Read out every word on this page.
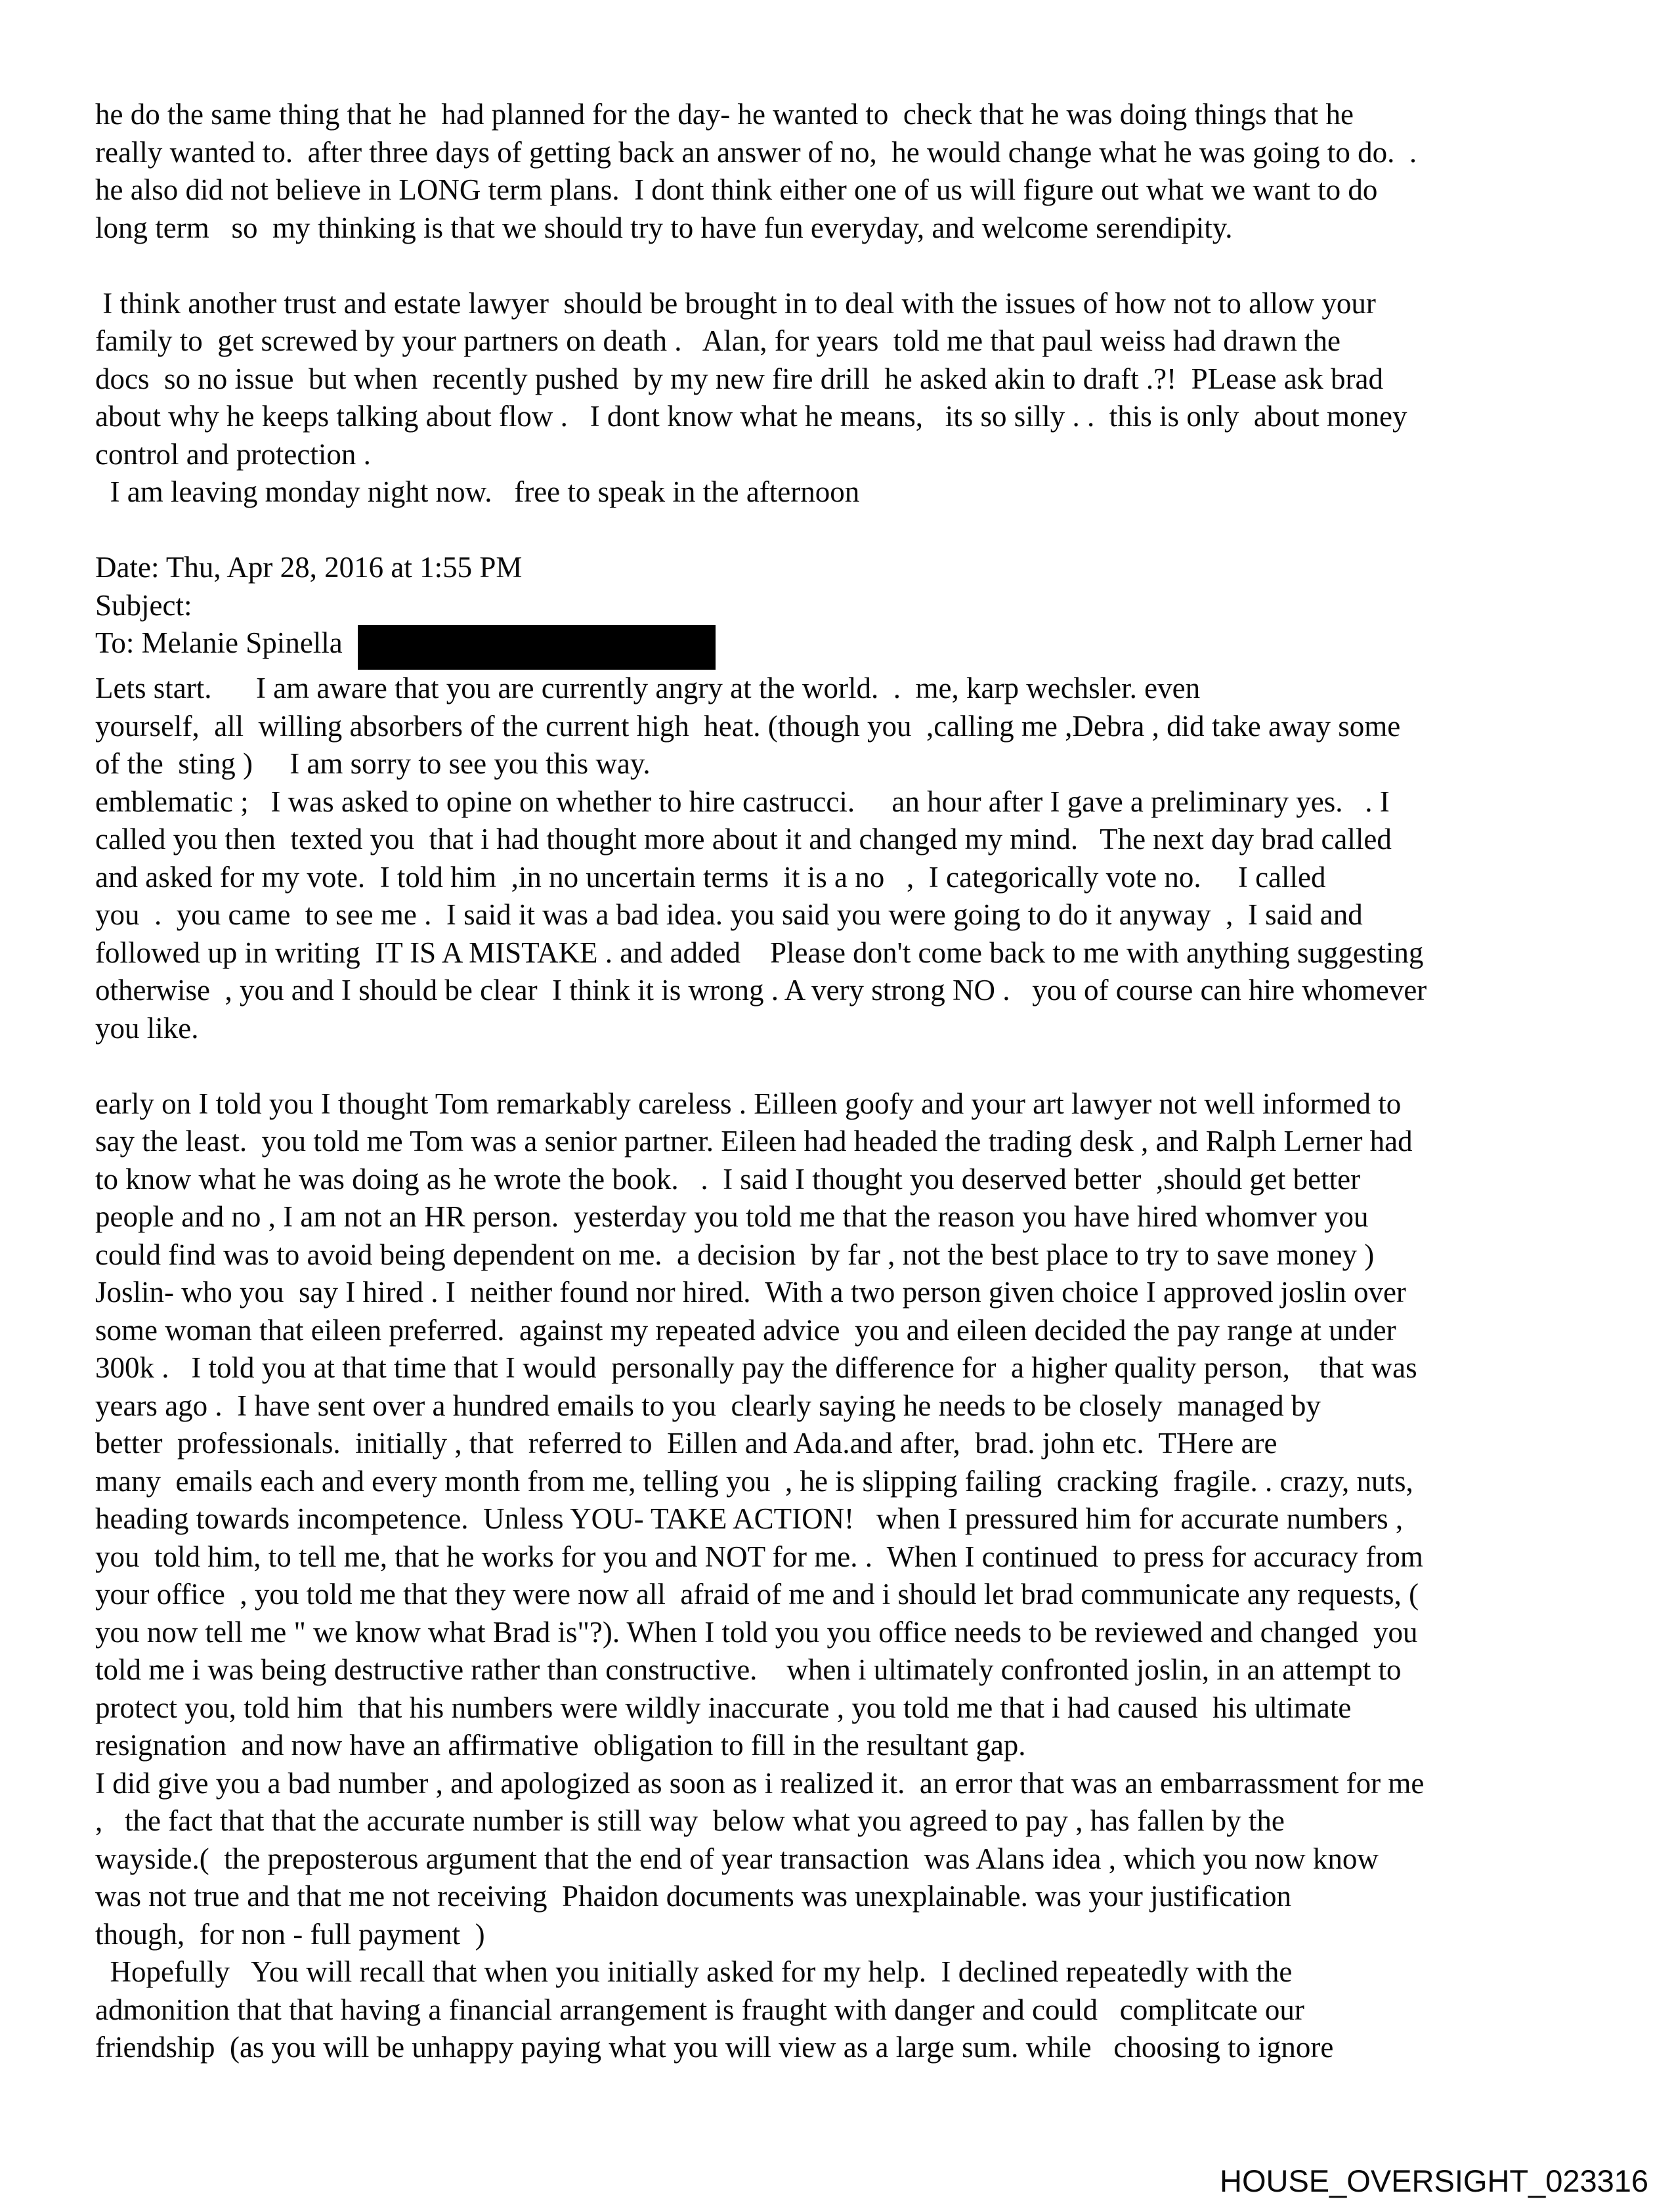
he do the same thing that he  had planned for the day- he wanted to  check that he was doing things that he
really wanted to.  after three days of getting back an answer of no,  he would change what he was going to do.  .
he also did not believe in LONG term plans.  I dont think either one of us will figure out what we want to do
long term   so  my thinking is that we should try to have fun everyday, and welcome serendipity.
I think another trust and estate lawyer  should be brought in to deal with the issues of how not to allow your
family to  get screwed by your partners on death .   Alan, for years  told me that paul weiss had drawn the
docs  so no issue  but when  recently pushed  by my new fire drill  he asked akin to draft .?!  PLease ask brad
about why he keeps talking about flow .   I dont know what he means,   its so silly . .  this is only  about money
control and protection .
I am leaving monday night now.   free to speak in the afternoon
Date: Thu, Apr 28, 2016 at 1:55 PM
Subject:
To: Melanie Spinella
Lets start.      I am aware that you are currently angry at the world.  .  me, karp wechsler. even
yourself,  all  willing absorbers of the current high  heat. (though you  ,calling me ,Debra , did take away some
of the  sting )     I am sorry to see you this way.
emblematic ;   I was asked to opine on whether to hire castrucci.     an hour after I gave a preliminary yes.   . I
called you then  texted you  that i had thought more about it and changed my mind.   The next day brad called
and asked for my vote.  I told him  ,in no uncertain terms  it is a no   ,  I categorically vote no.     I called
you  .  you came  to see me .  I said it was a bad idea. you said you were going to do it anyway  ,  I said and
followed up in writing  IT IS A MISTAKE . and added    Please don't come back to me with anything suggesting
otherwise  , you and I should be clear  I think it is wrong . A very strong NO .   you of course can hire whomever
you like.
early on I told you I thought Tom remarkably careless . Eilleen goofy and your art lawyer not well informed to
say the least.  you told me Tom was a senior partner. Eileen had headed the trading desk , and Ralph Lerner had
to know what he was doing as he wrote the book.   .  I said I thought you deserved better  ,should get better
people and no , I am not an HR person.  yesterday you told me that the reason you have hired whomver you
could find was to avoid being dependent on me.  a decision  by far , not the best place to try to save money )
Joslin- who you  say I hired . I  neither found nor hired.  With a two person given choice I approved joslin over
some woman that eileen preferred.  against my repeated advice  you and eileen decided the pay range at under
300k .   I told you at that time that I would  personally pay the difference for  a higher quality person,    that was
years ago .  I have sent over a hundred emails to you  clearly saying he needs to be closely  managed by
better  professionals.  initially , that  referred to  Eillen and Ada.and after,  brad. john etc.  THere are
many  emails each and every month from me, telling you  , he is slipping failing  cracking  fragile. . crazy, nuts,
heading towards incompetence.  Unless YOU- TAKE ACTION!   when I pressured him for accurate numbers ,
you  told him, to tell me, that he works for you and NOT for me. .  When I continued  to press for accuracy from
your office  , you told me that they were now all  afraid of me and i should let brad communicate any requests, (
you now tell me " we know what Brad is"?). When I told you you office needs to be reviewed and changed  you
told me i was being destructive rather than constructive.    when i ultimately confronted joslin, in an attempt to
protect you, told him  that his numbers were wildly inaccurate , you told me that i had caused  his ultimate
resignation  and now have an affirmative  obligation to fill in the resultant gap.
I did give you a bad number , and apologized as soon as i realized it.  an error that was an embarrassment for me
,   the fact that that the accurate number is still way  below what you agreed to pay , has fallen by the
wayside.(  the preposterous argument that the end of year transaction  was Alans idea , which you now know
was not true and that me not receiving  Phaidon documents was unexplainable. was your justification
though,  for non - full payment  )
Hopefully   You will recall that when you initially asked for my help.  I declined repeatedly with the
admonition that that having a financial arrangement is fraught with danger and could   complitcate our
friendship  (as you will be unhappy paying what you will view as a large sum. while   choosing to ignore
HOUSE_OVERSIGHT_023316
